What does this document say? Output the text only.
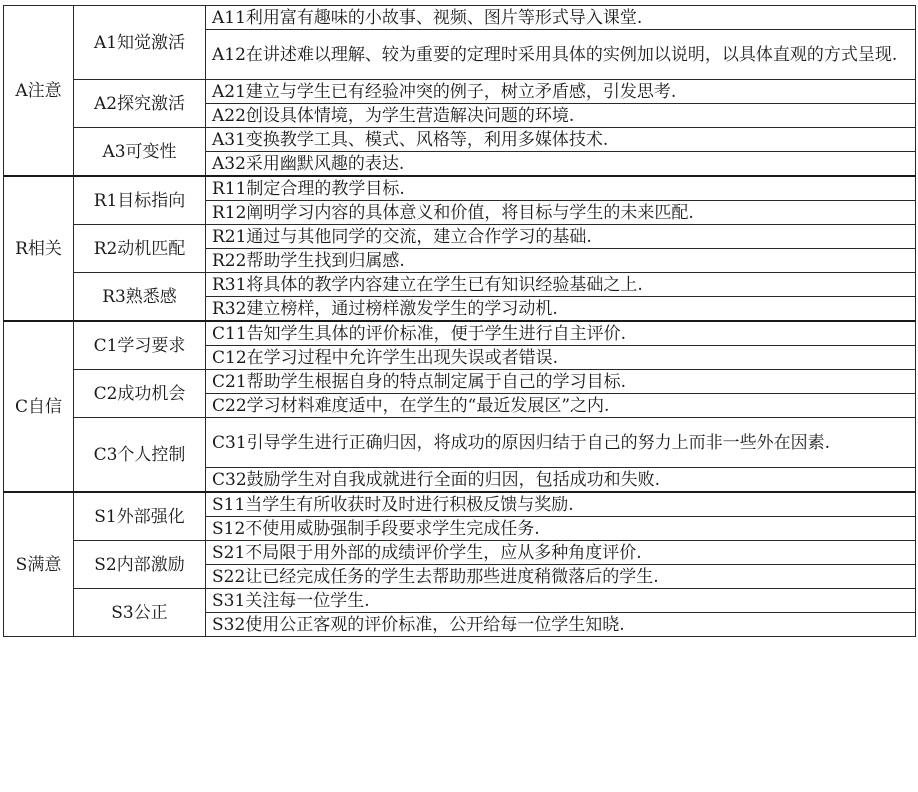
A注意	A1知觉激活	A11利用富有趣味的小故事、视频、图片等形式导入课堂.
		A12在讲述难以理解、较为重要的定理时采用具体的实例加以说明，以具体直观的方式呈现.
	A2探究激活	A21建立与学生已有经验冲突的例子，树立矛盾感，引发思考.
		A22创设具体情境，为学生营造解决问题的环境.
	A3可变性	A31变换教学工具、模式、风格等，利用多媒体技术.
		A32采用幽默风趣的表达.
R相关	R1目标指向	R11制定合理的教学目标.
		R12阐明学习内容的具体意义和价值，将目标与学生的未来匹配.
	R2动机匹配	R21通过与其他同学的交流，建立合作学习的基础.
		R22帮助学生找到归属感.
	R3熟悉感	R31将具体的教学内容建立在学生已有知识经验基础之上.
		R32建立榜样，通过榜样激发学生的学习动机.
C自信	C1学习要求	C11告知学生具体的评价标准，便于学生进行自主评价.
		C12在学习过程中允许学生出现失误或者错误.
	C2成功机会	C21帮助学生根据自身的特点制定属于自己的学习目标.
		C22学习材料难度适中，在学生的“最近发展区”之内.
	C3个人控制	C31引导学生进行正确归因，将成功的原因归结于自己的努力上而非一些外在因素.
		C32鼓励学生对自我成就进行全面的归因，包括成功和失败.
S满意	S1外部强化	S11当学生有所收获时及时进行积极反馈与奖励.
		S12不使用威胁强制手段要求学生完成任务.
	S2内部激励	S21不局限于用外部的成绩评价学生，应从多种角度评价.
		S22让已经完成任务的学生去帮助那些进度稍微落后的学生.
	S3公正	S31关注每一位学生.
		S32使用公正客观的评价标准，公开给每一位学生知晓.
